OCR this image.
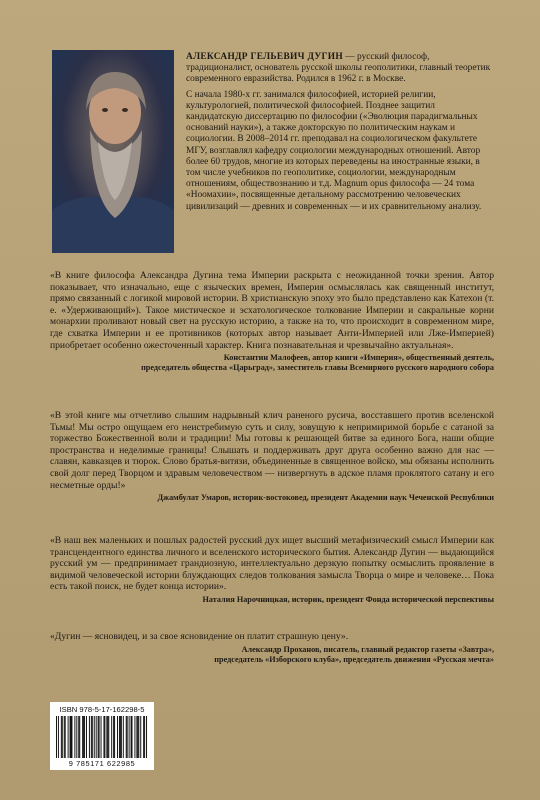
АЛЕКСАНДР ГЕЛЬЕВИЧ ДУГИН — русский философ, традиционалист, основатель русской школы геополитики, главный теоретик современного евразийства. Родился в 1962 г. в Москве.

С начала 1980-х гг. занимался философией, историей религии, культурологией, политической философией. Позднее защитил кандидатскую диссертацию по философии («Эволюция парадигмальных оснований науки»), а также докторскую по политическим наукам и социологии. В 2008–2014 гг. преподавал на социологическом факультете МГУ, возглавлял кафедру социологии международных отношений. Автор более 60 трудов, многие из которых переведены на иностранные языки, в том числе учебников по геополитике, социологии, международным отношениям, обществознанию и т.д. Magnum opus философа — 24 тома «Ноомахии», посвященные детальному рассмотрению человеческих цивилизаций — древних и современных — и их сравнительному анализу.

«В книге философа Александра Дугина тема Империи раскрыта с неожиданной точки зрения. Автор показывает, что изначально, еще с языческих времен, Империя осмыслялась как священный институт, прямо связанный с логикой мировой истории. В христианскую эпоху это было представлено как Катехон (т. е. «Удерживающий»). Такое мистическое и эсхатологическое толкование Империи и сакральные корни монархии проливают новый свет на русскую историю, а также на то, что происходит в современном мире, где схватка Империи и ее противников (которых автор называет Анти-Империей или Лже-Империей) приобретает особенно ожесточенный характер. Книга познавательная и чрезвычайно актуальная».

Константин Малофеев, автор книги «Империя», общественный деятель,
председатель общества «Царьград», заместитель главы Всемирного русского народного собора

«В этой книге мы отчетливо слышим надрывный клич раненого русича, восставшего против вселенской Тьмы! Мы остро ощущаем его неистребимую суть и силу, зовущую к непримиримой борьбе с сатаной за торжество Божественной воли и традиции! Мы готовы к решающей битве за единого Бога, наши общие пространства и неделимые границы! Слышать и поддерживать друг друга особенно важно для нас — славян, кавказцев и тюрок. Слово братья-витязи, объединенные в священное войско, мы обязаны исполнить свой долг перед Творцом и здравым человечеством — низвергнуть в адское пламя проклятого сатану и его несметные орды!»

Джамбулат Умаров, историк-востоковед, президент Академии наук Чеченской Республики

«В наш век маленьких и пошлых радостей русский дух ищет высший метафизический смысл Империи как трансцендентного единства личного и вселенского исторического бытия. Александр Дугин — выдающийся русский ум — предпринимает грандиозную, интеллектуально дерзкую попытку осмыслить проявление в видимой человеческой истории блуждающих следов толкования замысла Творца о мире и человеке… Пока есть такой поиск, не будет конца истории».

Наталия Нарочницкая, историк, президент Фонда исторической перспективы

«Дугин — ясновидец, и за свое ясновидение он платит страшную цену».

Александр Проханов, писатель, главный редактор газеты «Завтра»,
председатель «Изборского клуба», председатель движения «Русская мечта»
ISBN 978-5-17-162298-5
9 785171 622985
